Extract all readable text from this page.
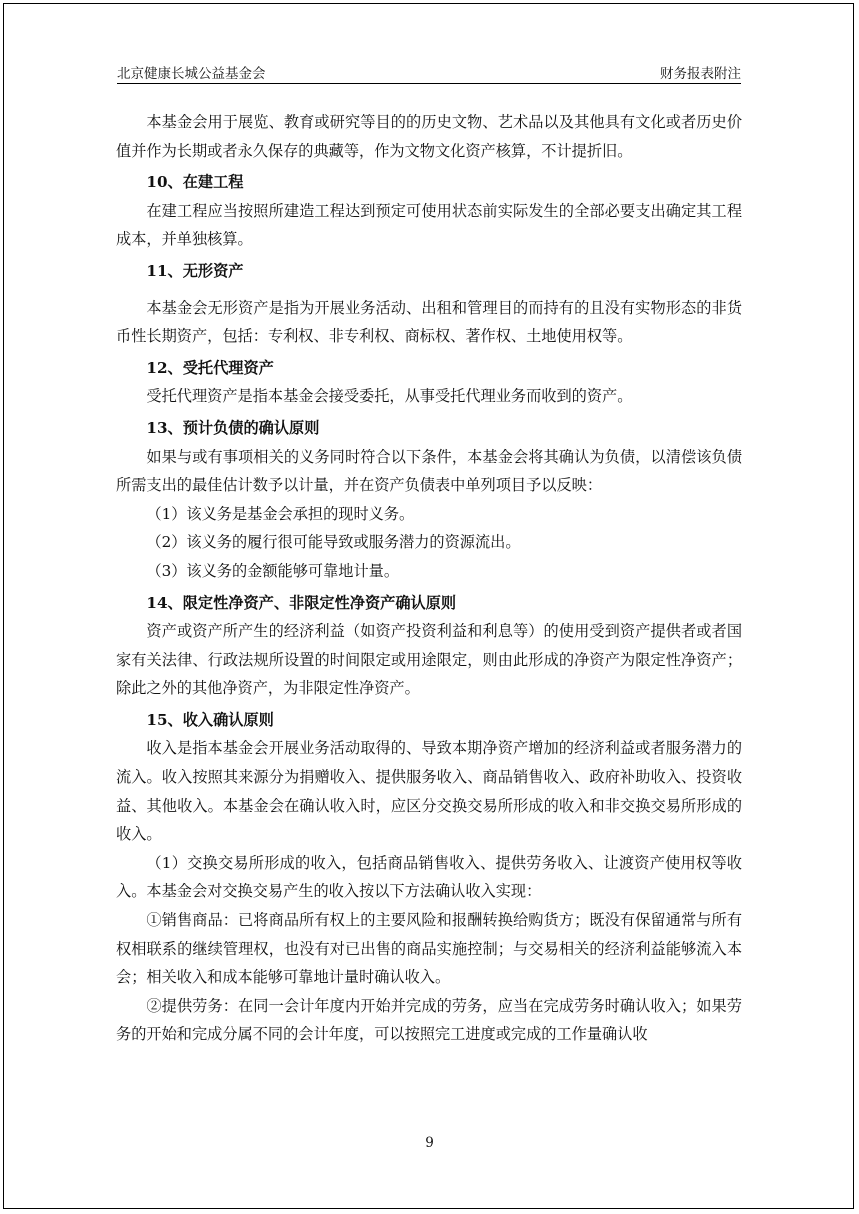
北京健康长城公益基金会	财务报表附注

本基金会用于展览、教育或研究等目的的历史文物、艺术品以及其他具有文化或者历史价值并作为长期或者永久保存的典藏等，作为文物文化资产核算，不计提折旧。

10、在建工程

在建工程应当按照所建造工程达到预定可使用状态前实际发生的全部必要支出确定其工程成本，并单独核算。

11、无形资产

本基金会无形资产是指为开展业务活动、出租和管理目的而持有的且没有实物形态的非货币性长期资产，包括：专利权、非专利权、商标权、著作权、土地使用权等。

12、受托代理资产

受托代理资产是指本基金会接受委托，从事受托代理业务而收到的资产。

13、预计负债的确认原则

如果与或有事项相关的义务同时符合以下条件，本基金会将其确认为负债，以清偿该负债所需支出的最佳估计数予以计量，并在资产负债表中单列项目予以反映：

（1）该义务是基金会承担的现时义务。

（2）该义务的履行很可能导致或服务潜力的资源流出。

（3）该义务的金额能够可靠地计量。

14、限定性净资产、非限定性净资产确认原则

资产或资产所产生的经济利益（如资产投资利益和利息等）的使用受到资产提供者或者国家有关法律、行政法规所设置的时间限定或用途限定，则由此形成的净资产为限定性净资产；除此之外的其他净资产，为非限定性净资产。

15、收入确认原则

收入是指本基金会开展业务活动取得的、导致本期净资产增加的经济利益或者服务潜力的流入。收入按照其来源分为捐赠收入、提供服务收入、商品销售收入、政府补助收入、投资收益、其他收入。本基金会在确认收入时，应区分交换交易所形成的收入和非交换交易所形成的收入。

（1）交换交易所形成的收入，包括商品销售收入、提供劳务收入、让渡资产使用权等收入。本基金会对交换交易产生的收入按以下方法确认收入实现：

①销售商品：已将商品所有权上的主要风险和报酬转换给购货方；既没有保留通常与所有权相联系的继续管理权，也没有对已出售的商品实施控制；与交易相关的经济利益能够流入本会；相关收入和成本能够可靠地计量时确认收入。

②提供劳务：在同一会计年度内开始并完成的劳务，应当在完成劳务时确认收入；如果劳务的开始和完成分属不同的会计年度，可以按照完工进度或完成的工作量确认收

9
